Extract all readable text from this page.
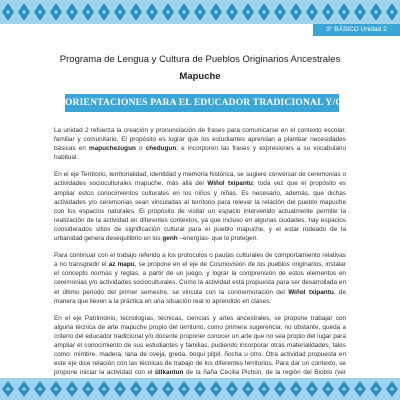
3° BÁSICO Unidad 2
Programa de Lengua y Cultura de Pueblos Originarios Ancestrales
Mapuche
ORIENTACIONES PARA EL EDUCADOR TRADICIONAL Y/O DOCENTE

La unidad 2 refuerza la creación y pronunciación de frases para comunicarse en el contexto escolar, familiar y comunitario. El propósito es lograr que los estudiantes aprendan a plantear necesidades básicas en mapuchezugun o chedugun, e incorporen las frases y expresiones a su vocabulario habitual.

En el eje Territorio, territorialidad, identidad y memoria histórica, se sugiere conversar de ceremonias o actividades socioculturales mapuche, más allá del Wiñol txipantu; toda vez que el propósito es ampliar estos conocimientos culturales en los niños y niñas. Es necesario, además, que dichas actividades y/o ceremonias sean vinculadas al territorio para relevar la relación del pueblo mapuche con los espacios naturales. El propósito de visitar un espacio intervenido actualmente permite la realización de la actividad en diferentes contextos, ya que incluso en algunas ciudades, hay espacios considerados sitios de significación cultural para el pueblo mapuche, y el estar rodeado de la urbanidad genera desequilibrio en los genh –energías- que lo protegen.

Para continuar con el trabajo referido a los protocolos o pautas culturales de comportamiento relativas a no transgredir el az mapu, se propone en el eje de Cosmovisión de los pueblos originarios, instalar el concepto normas y reglas, a partir de un juego, y lograr la comprensión de estos elementos en ceremonias y/o actividades socioculturales. Como la actividad está propuesta para ser desarrollada en el último periodo del primer semestre, se vincula con la conmemoración del Wiñol txipantu, de manera que lleven a la práctica en una situación real lo aprendido en clases.

En el eje Patrimonio, tecnologías, técnicas, ciencias y artes ancestrales, se propone trabajar con alguna técnica de arte mapuche propio del territorio, como primera sugerencia; no obstante, queda a criterio del educador tradicional y/o docente proponer conocer un arte que no sea propio del lugar para ampliar el conocimiento de sus estudiantes y familias, pudiendo incorporar otras materialidades, tales como: mimbre, madera, lana de oveja, greda, boqui pilpil, ñocha u otro. Otra actividad propuesta en este eje dice relación con las técnicas de trabajo de los diferentes territorios. Para dar un contexto, se propone iniciar la actividad con el üllkantun de la ñaña Cecilia Pichún, de la región del Biobío (ver
